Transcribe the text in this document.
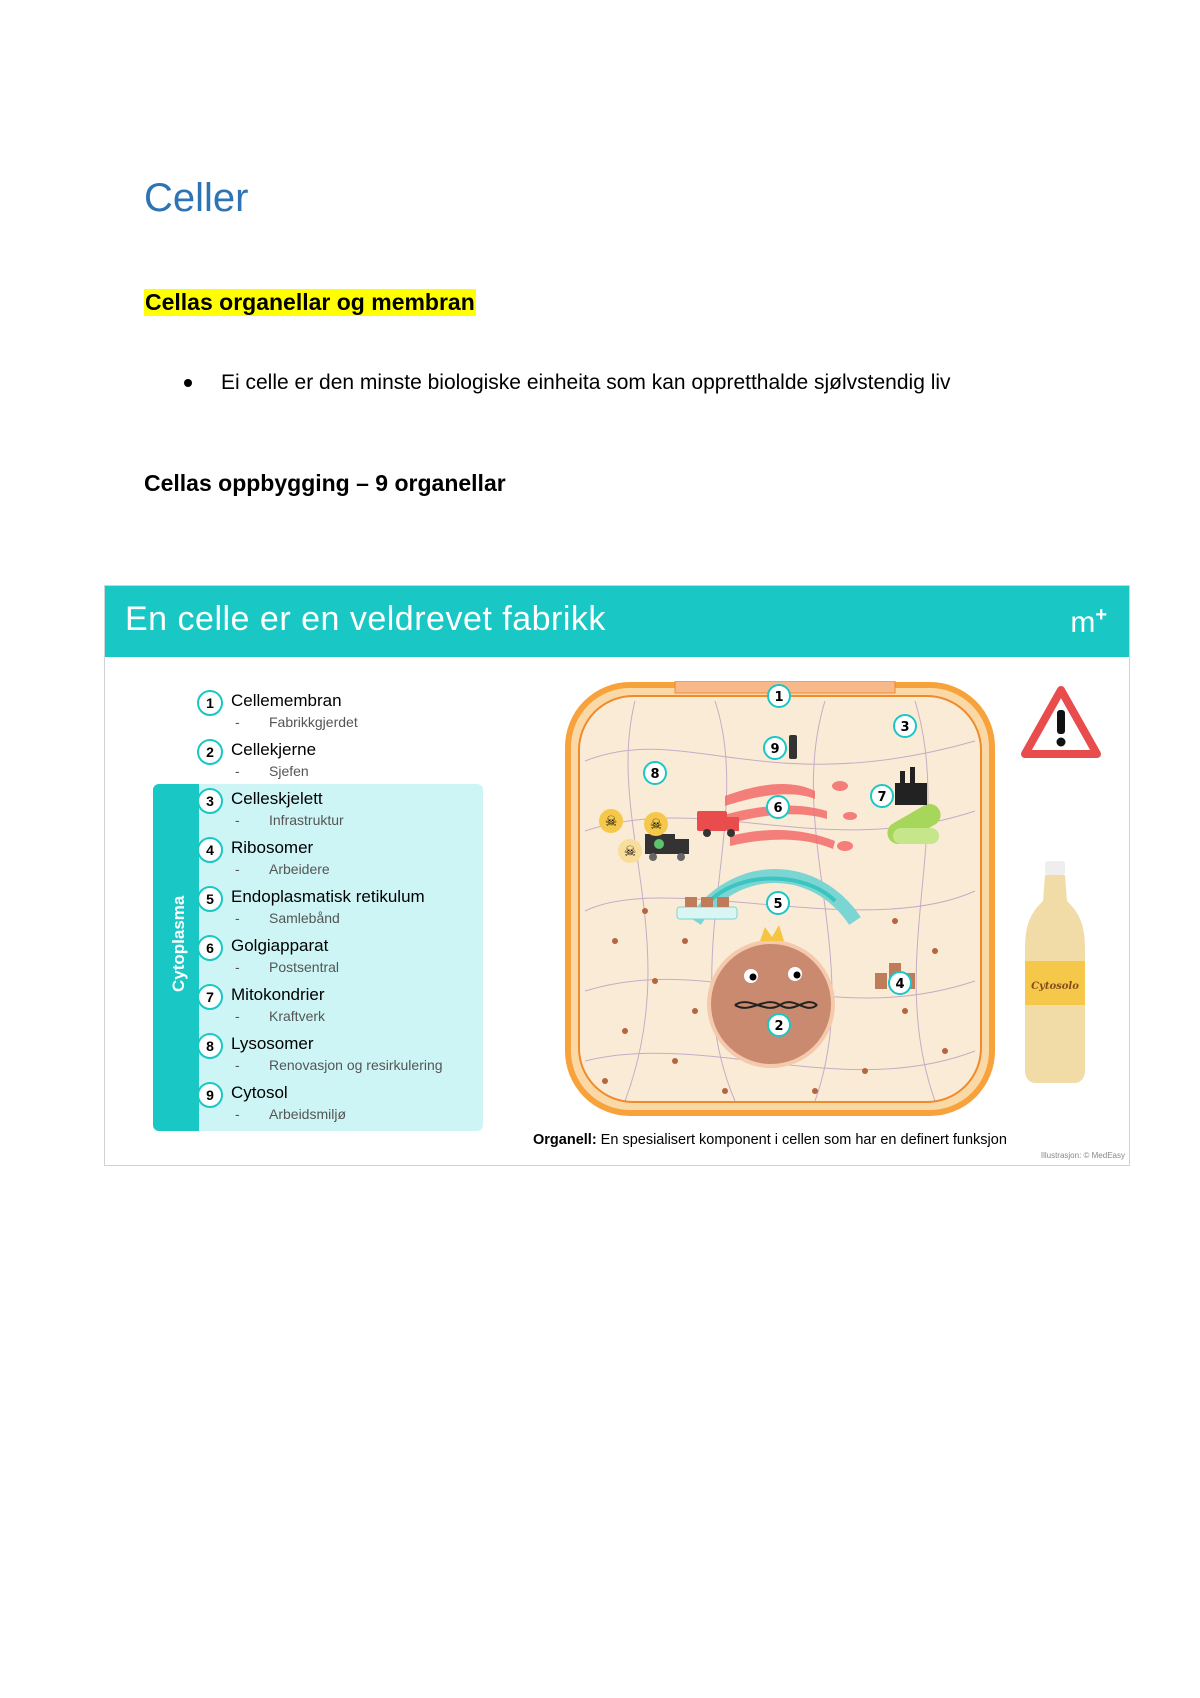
Celler
Cellas organellar og membran
Ei celle er den minste biologiske einheita som kan oppretthalde sjølvstendig liv
Cellas oppbygging – 9 organellar
En celle er en veldrevet fabrikk	m+
Cytoplasma
1	Cellemembran
- Fabrikkgjerdet
2	Cellekjerne
- Sjefen
3	Celleskjelett
- Infrastruktur
4	Ribosomer
- Arbeidere
5	Endoplasmatisk retikulum
- Samlebånd
6	Golgiapparat
- Postsentral
7	Mitokondrier
- Kraftverk
8	Lysosomer
- Renovasjon og resirkulering
9	Cytosol
- Arbeidsmiljø
☠ ☠
☠
1
2
3
4
5
6
7
8
9
Cytosolo
Organell: En spesialisert komponent i cellen som har en definert funksjon
Illustrasjon: © MedEasy
